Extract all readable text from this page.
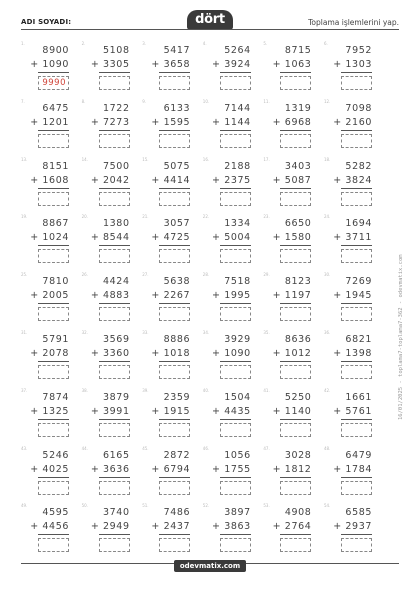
ADI SOYADI:	dört	Toplama işlemlerini yap.
1.
8900
+ 1090
9990
2.
5108
+ 3305
3.
5417
+ 3658
4.
5264
+ 3924
5.
8715
+ 1063
6.
7952
+ 1303
7.
6475
+ 1201
8.
1722
+ 7273
9.
6133
+ 1595
10.
7144
+ 1144
11.
1319
+ 6968
12.
7098
+ 2160
13.
8151
+ 1608
14.
7500
+ 2042
15.
5075
+ 4414
16.
2188
+ 2375
17.
3403
+ 5087
18.
5282
+ 3824
19.
8867
+ 1024
20.
1380
+ 8544
21.
3057
+ 4725
22.
1334
+ 5004
23.
6650
+ 1580
24.
1694
+ 3711
25.
7810
+ 2005
26.
4424
+ 4883
27.
5638
+ 2267
28.
7518
+ 1995
29.
8123
+ 1197
30.
7269
+ 1945
31.
5791
+ 2078
32.
3569
+ 3360
33.
8886
+ 1018
34.
3929
+ 1090
35.
8636
+ 1012
36.
6821
+ 1398
37.
7874
+ 1325
38.
3879
+ 3991
39.
2359
+ 1915
40.
1504
+ 4435
41.
5250
+ 1140
42.
1661
+ 5761
43.
5246
+ 4025
44.
6165
+ 3636
45.
2872
+ 6794
46.
1056
+ 1755
47.
3028
+ 1812
48.
6479
+ 1784
49.
4595
+ 4456
50.
3740
+ 2949
51.
7486
+ 2437
52.
3897
+ 3863
53.
4908
+ 2764
54.
6585
+ 2937
16/01/2025 - toplama7-toplama7-362 - odevmatix.com
odevmatix.com
